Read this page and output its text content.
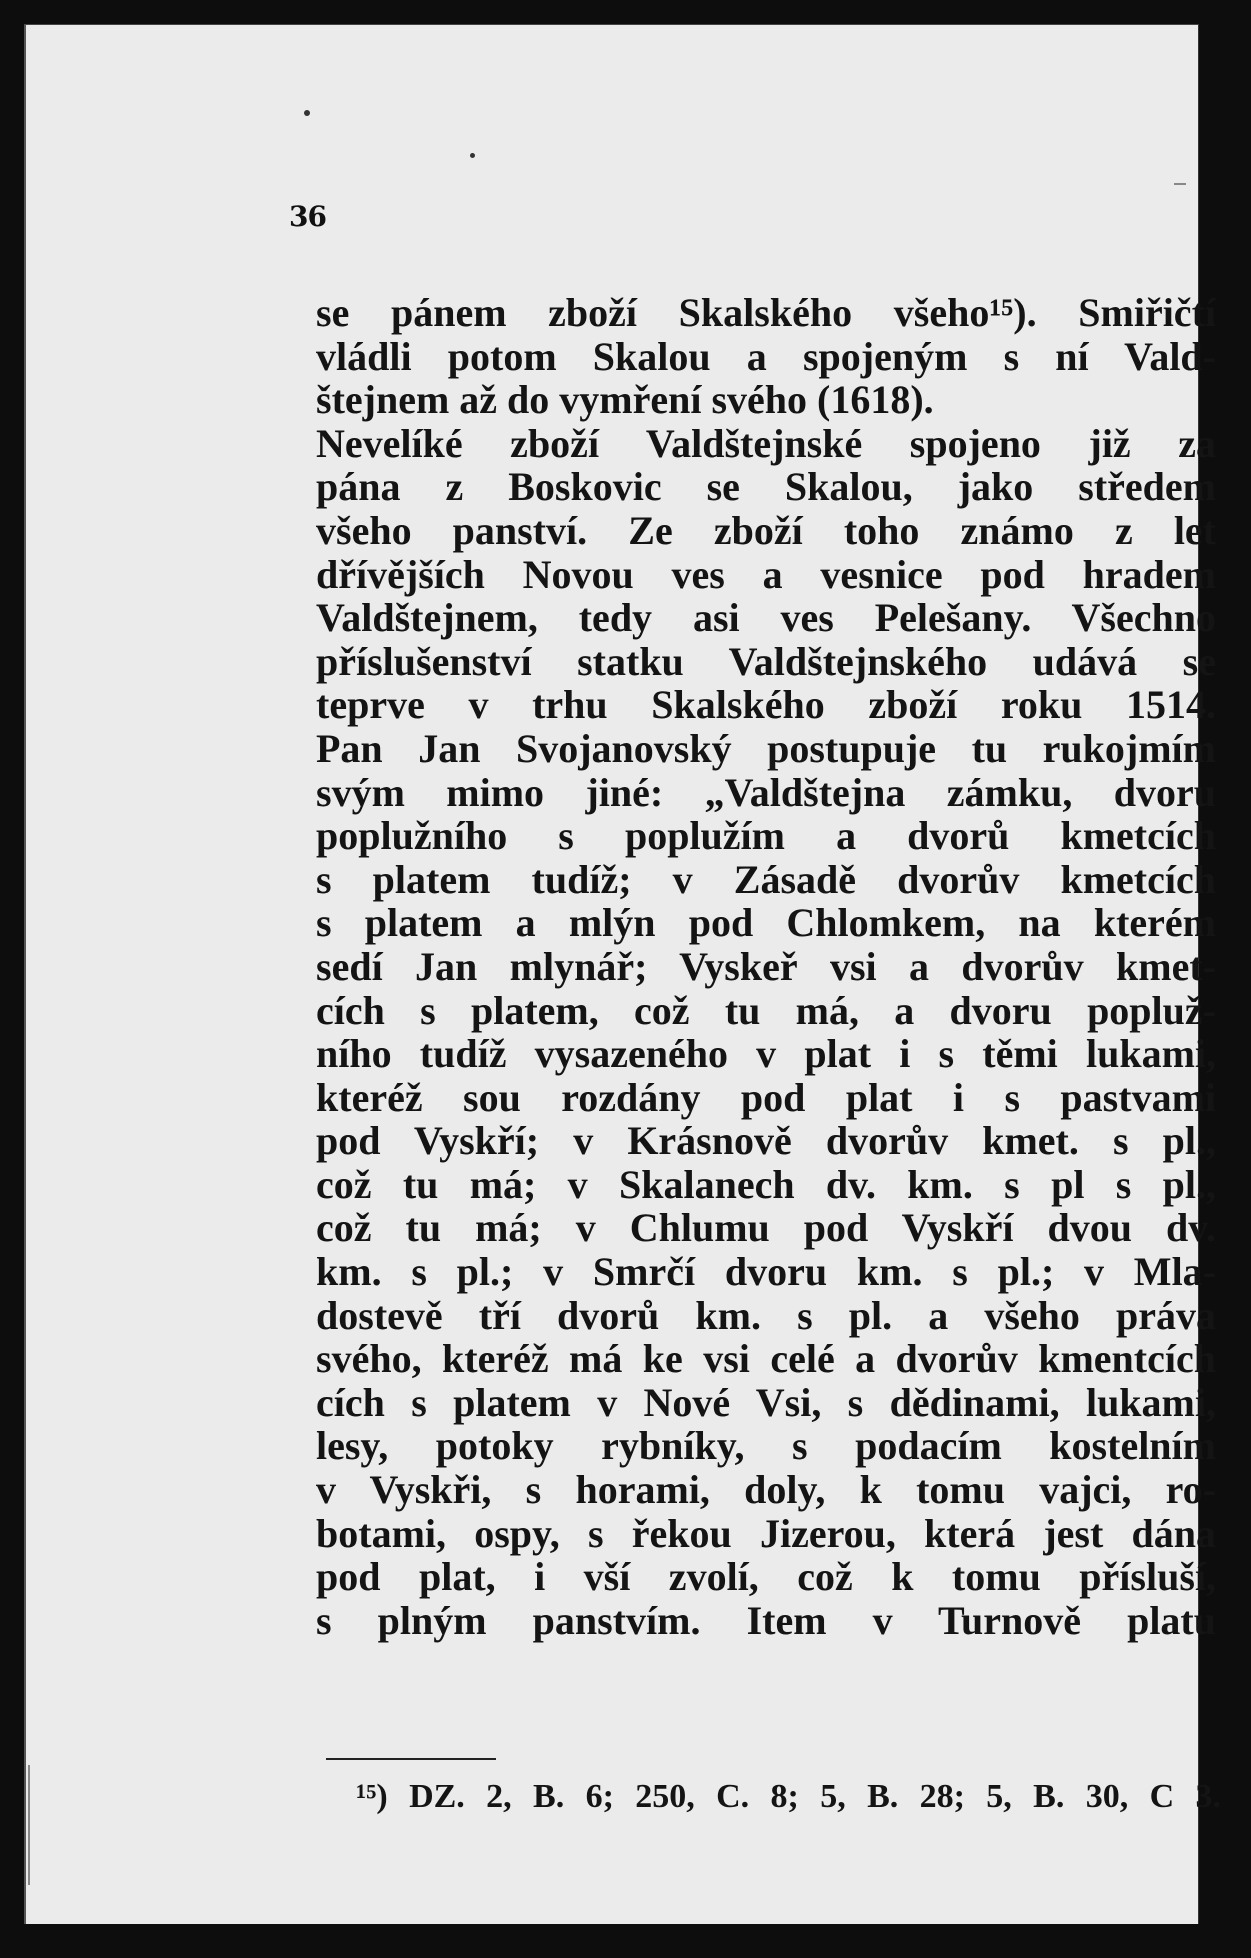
36
se pánem zboží Skalského všeho¹⁵). Smiřičtí
vládli potom Skalou a spojeným s ní Vald-
štejnem až do vymření svého (1618).
Nevelíké zboží Valdštejnské spojeno již za
pána z Boskovic se Skalou, jako středem
všeho panství. Ze zboží toho známo z let
dřívějších Novou ves a vesnice pod hradem
Valdštejnem, tedy asi ves Pelešany. Všechno
příslušenství statku Valdštejnského udává se
teprve v trhu Skalského zboží roku 1514.
Pan Jan Svojanovský postupuje tu rukojmím
svým mimo jiné: „Valdštejna zámku, dvoru
poplužního s poplužím a dvorů kmetcích
s platem tudíž; v Zásadě dvorův kmetcích
s platem a mlýn pod Chlomkem, na kterém
sedí Jan mlynář; Vyskeř vsi a dvorův kmet-
cích s platem, což tu má, a dvoru popluž-
ního tudíž vysazeného v plat i s těmi lukami,
kteréž sou rozdány pod plat i s pastvami
pod Vyskří; v Krásnově dvorův kmet. s pl.,
což tu má; v Skalanech dv. km. s pl s pl.,
což tu má; v Chlumu pod Vyskří dvou dv.
km. s pl.; v Smrčí dvoru km. s pl.; v Mla-
dostevě tří dvorů km. s pl. a všeho práva
svého, kteréž má ke vsi celé a dvorův kmentcích
cích s platem v Nové Vsi, s dědinami, lukami,
lesy, potoky rybníky, s podacím kostelním
v Vyskři, s horami, doly, k tomu vajci, ro-
botami, ospy, s řekou Jizerou, která jest dána
pod plat, i vší zvolí, což k tomu přísluší,
s plným panstvím. Item v Turnově platu
¹⁵) DZ. 2, B. 6; 250, C. 8; 5, B. 28; 5, B. 30, C 3.
